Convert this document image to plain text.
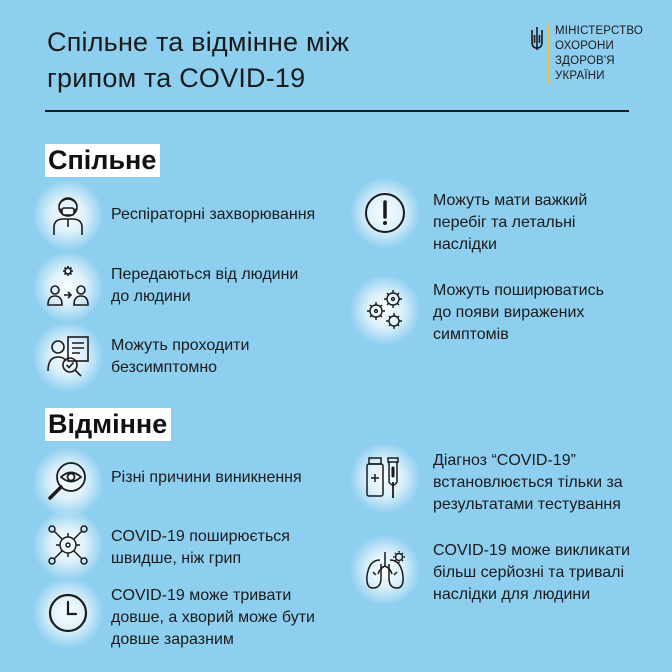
Спільне та відмінне між
грипом та COVID-19
МІНІСТЕРСТВО
ОХОРОНИ
ЗДОРОВ'Я
УКРАЇНИ
Спільне
Респіраторні захворювання
Передаються від людини
до людини
Можуть проходити
безсимптомно
Можуть мати важкий
перебіг та летальні
наслідки
Можуть поширюватись
до появи виражених
симптомів
Відмінне
Різні причини виникнення
COVID-19 поширюється
швидше, ніж грип
COVID-19 може тривати
довше, а хворий може бути
довше заразним
Діагноз “COVID-19”
встановлюється тільки за
результатами тестування
COVID-19 може викликати
більш серйозні та тривалі
наслідки для людини
